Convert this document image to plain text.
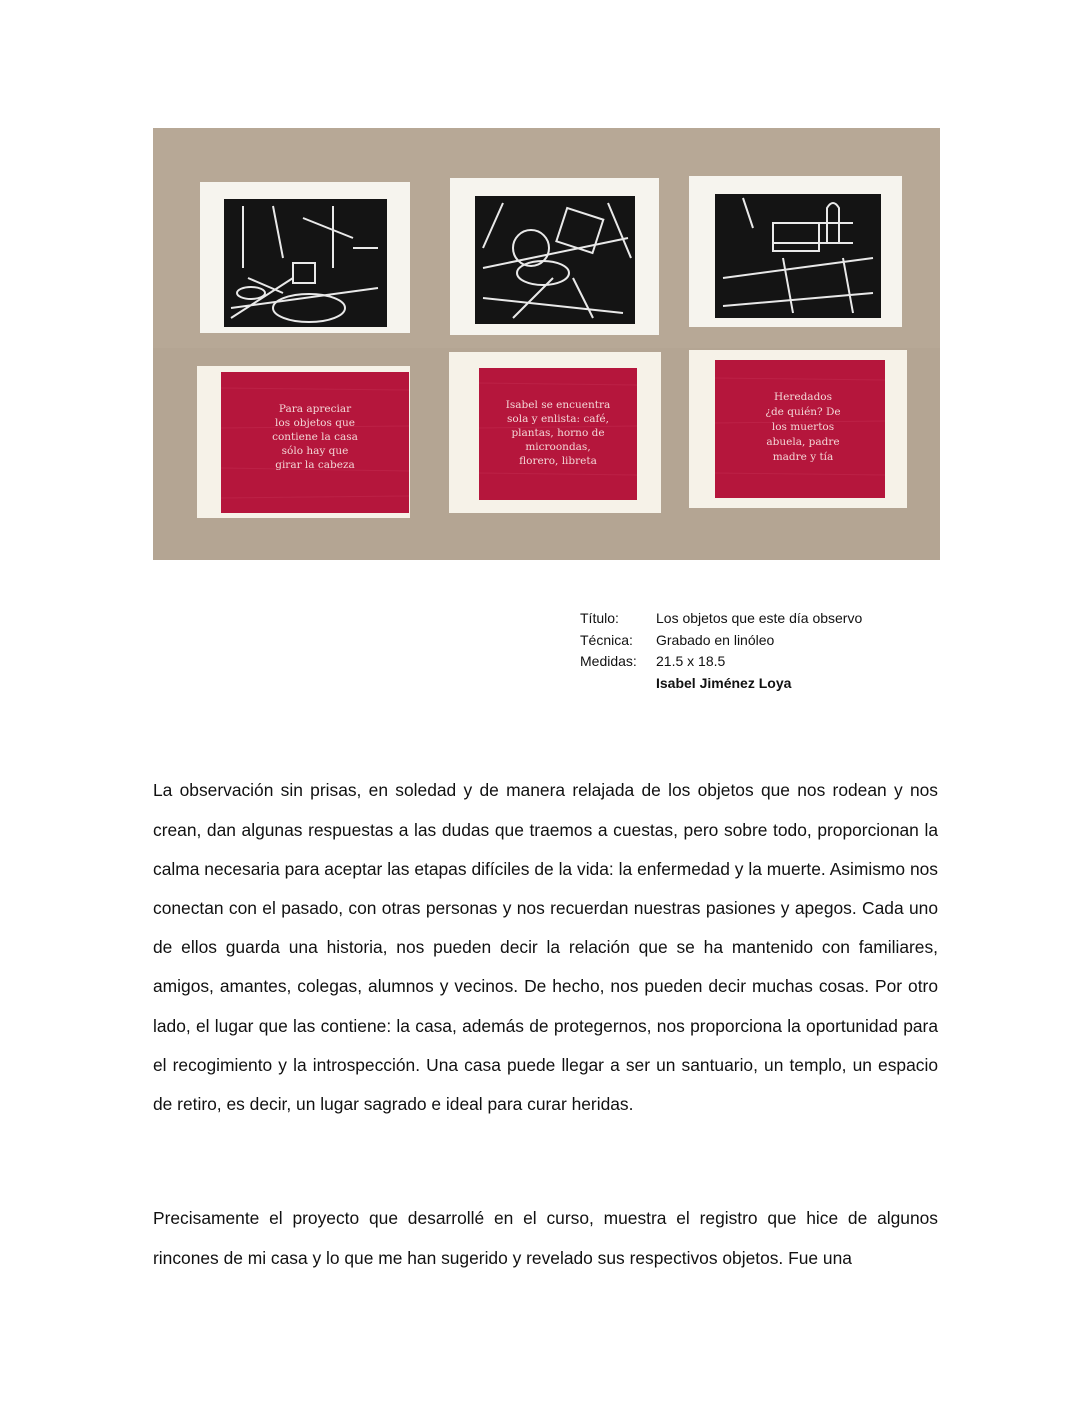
Para apreciar
los objetos que
contiene la casa
sólo hay que
girar la cabeza
Isabel se encuentra
sola y enlista: café,
plantas, horno de
microondas,
florero, libreta
Heredados
¿de quién? De
los muertos
abuela, padre
madre y tía
Título:	Los objetos que este día observo
Técnica:	Grabado en linóleo
Medidas:	21.5 x 18.5
Isabel Jiménez Loya

La observación sin prisas, en soledad y de manera relajada de los objetos que nos rodean y nos crean, dan algunas respuestas a las dudas que traemos a cuestas, pero sobre todo, proporcionan la calma necesaria para aceptar las etapas difíciles de la vida: la enfermedad y la muerte. Asimismo nos conectan con el pasado, con otras personas y nos recuerdan nuestras pasiones y apegos. Cada uno de ellos guarda una historia, nos pueden decir la relación que se ha mantenido con familiares, amigos, amantes, colegas, alumnos y vecinos. De hecho, nos pueden decir muchas cosas. Por otro lado, el lugar que las contiene: la casa, además de protegernos, nos proporciona la oportunidad para el recogimiento y la introspección. Una casa puede llegar a ser un santuario, un templo, un espacio de retiro, es decir, un lugar sagrado e ideal para curar heridas.

Precisamente el proyecto que desarrollé en el curso, muestra el registro que hice de algunos rincones de mi casa y lo que me han sugerido y revelado sus respectivos objetos. Fue una
